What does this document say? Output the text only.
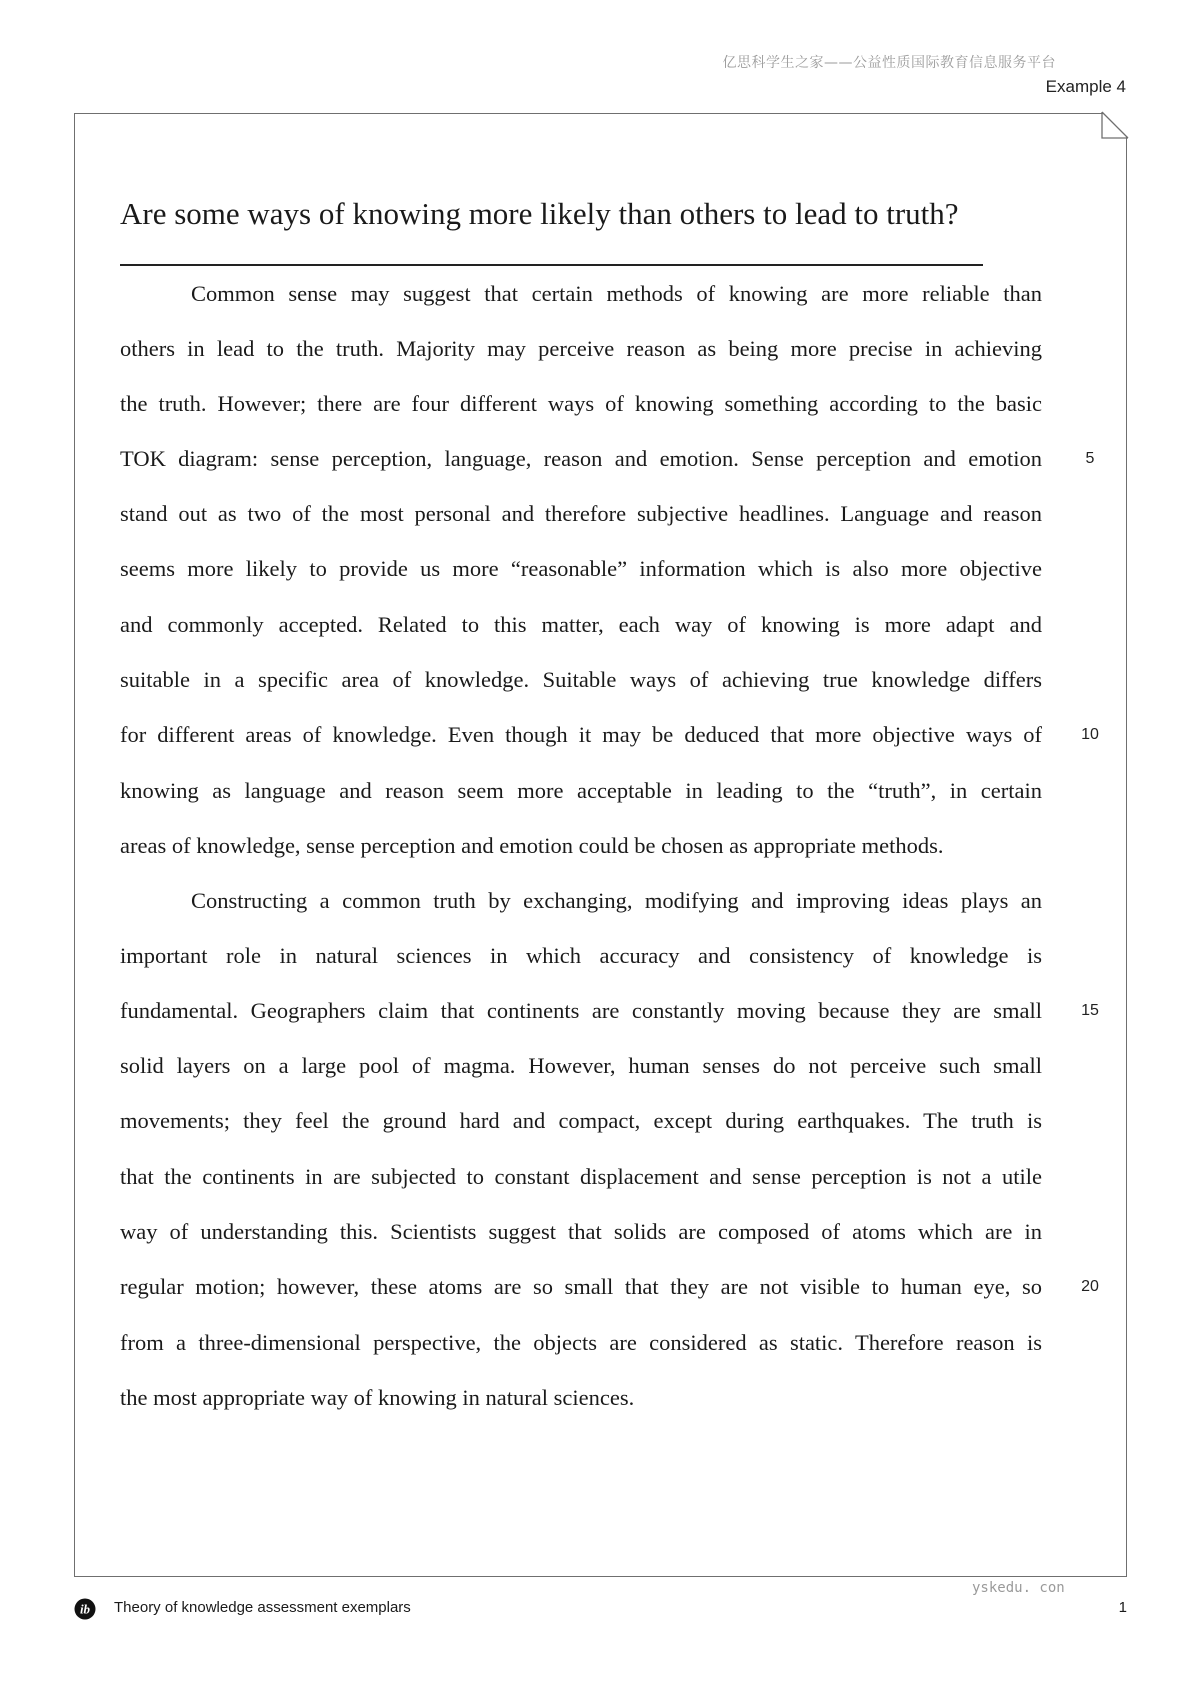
亿思科学生之家——公益性质国际教育信息服务平台
Example 4
Are some ways of knowing more likely than others to lead to truth?
Common sense may suggest that certain methods of knowing are more reliable than
others in lead to the truth. Majority may perceive reason as being more precise in achieving
the truth. However; there are four different ways of knowing something according to the basic
TOK diagram: sense perception, language, reason and emotion. Sense perception and emotion
stand out as two of the most personal and therefore subjective headlines. Language and reason
seems more likely to provide us more “reasonable” information which is also more objective
and commonly accepted. Related to this matter, each way of knowing is more adapt and
suitable in a specific area of knowledge. Suitable ways of achieving true knowledge differs
for different areas of knowledge. Even though it may be deduced that more objective ways of
knowing as language and reason seem more acceptable in leading to the “truth”, in certain
areas of knowledge, sense perception and emotion could be chosen as appropriate methods.
Constructing a common truth by exchanging, modifying and improving ideas plays an
important role in natural sciences in which accuracy and consistency of knowledge is
fundamental. Geographers claim that continents are constantly moving because they are small
solid layers on a large pool of magma. However, human senses do not perceive such small
movements; they feel the ground hard and compact, except during earthquakes. The truth is
that the continents in are subjected to constant displacement and sense perception is not a utile
way of understanding this. Scientists suggest that solids are composed of atoms which are in
regular motion; however, these atoms are so small that they are not visible to human eye, so
from a three-dimensional perspective, the objects are considered as static. Therefore reason is
the most appropriate way of knowing in natural sciences.
5
10
15
20
ib Theory of knowledge assessment exemplars
yskedu. con
1
